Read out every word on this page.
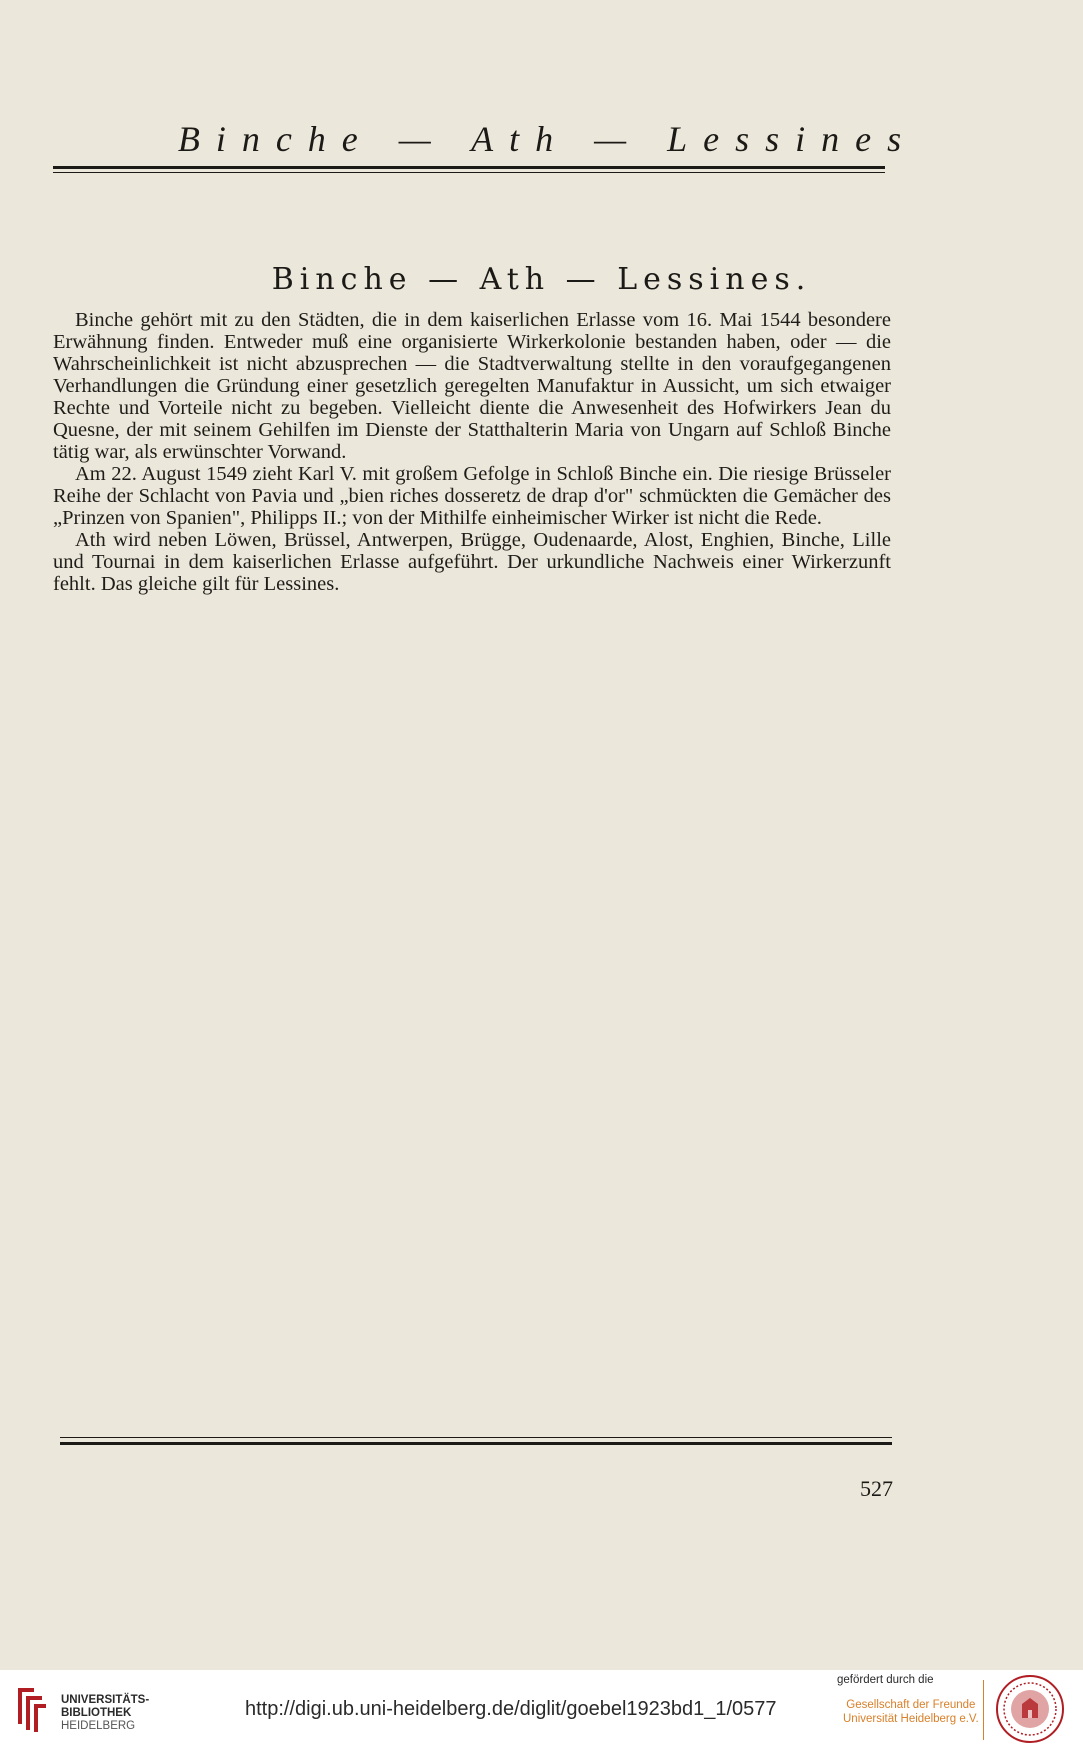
Binche — Ath — Lessines
Binche — Ath — Lessines.

Binche gehört mit zu den Städten, die in dem kaiserlichen Erlasse vom 16. Mai 1544 besondere Erwähnung finden. Entweder muß eine organisierte Wirkerkolonie bestanden haben, oder — die Wahrscheinlichkeit ist nicht abzusprechen — die Stadtverwaltung stellte in den voraufgegangenen Verhandlungen die Gründung einer gesetzlich geregelten Manufaktur in Aussicht, um sich etwaiger Rechte und Vorteile nicht zu begeben. Vielleicht diente die Anwesenheit des Hofwirkers Jean du Quesne, der mit seinem Gehilfen im Dienste der Statthalterin Maria von Ungarn auf Schloß Binche tätig war, als erwünschter Vorwand.

Am 22. August 1549 zieht Karl V. mit großem Gefolge in Schloß Binche ein. Die riesige Brüsseler Reihe der Schlacht von Pavia und „bien riches dosseretz de drap d'or" schmückten die Gemächer des „Prinzen von Spanien", Philipps II.; von der Mithilfe einheimischer Wirker ist nicht die Rede.

Ath wird neben Löwen, Brüssel, Antwerpen, Brügge, Oudenaarde, Alost, Enghien, Binche, Lille und Tournai in dem kaiserlichen Erlasse aufgeführt. Der urkundliche Nachweis einer Wirkerzunft fehlt. Das gleiche gilt für Lessines.

527
UNIVERSITÄTS-
BIBLIOTHEK
HEIDELBERG
http://digi.ub.uni-heidelberg.de/diglit/goebel1923bd1_1/0577
gefördert durch die
Gesellschaft der Freunde
Universität Heidelberg e.V.
